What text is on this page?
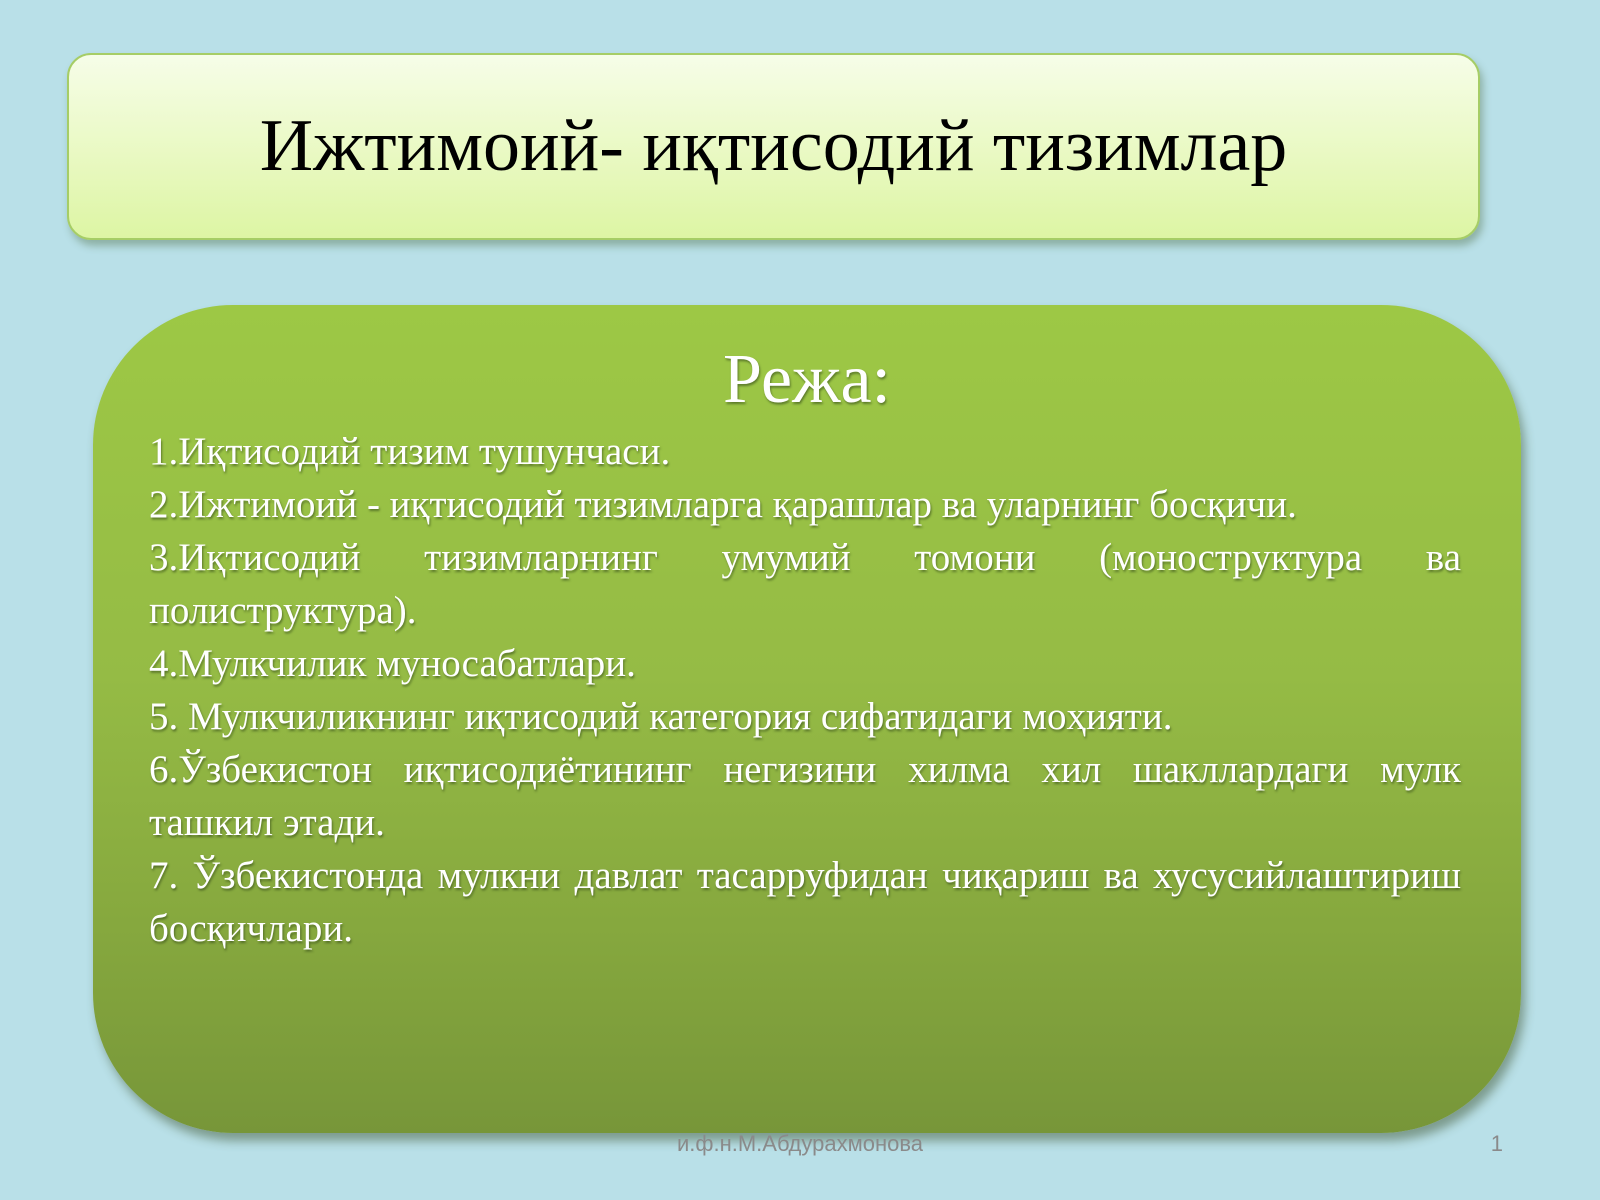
Ижтимоий- иқтисодий тизимлар
Режа:
1.Иқтисодий тизим тушунчаси.
2.Ижтимоий - иқтисодий тизимларга қарашлар ва уларнинг босқичи.
3.Иқтисодий тизимларнинг умумий томони (моноструктура ва полиструктура).
4.Мулкчилик муносабатлари.
5. Мулкчиликнинг иқтисодий категория сифатидаги моҳияти.
6.Ўзбекистон иқтисодиётининг негизини хилма хил шакллардаги мулк ташкил этади.
7. Ўзбекистонда мулкни давлат тасарруфидан чиқариш ва хусусийлаштириш босқичлари.
и.ф.н.М.Абдурахмонова	1
